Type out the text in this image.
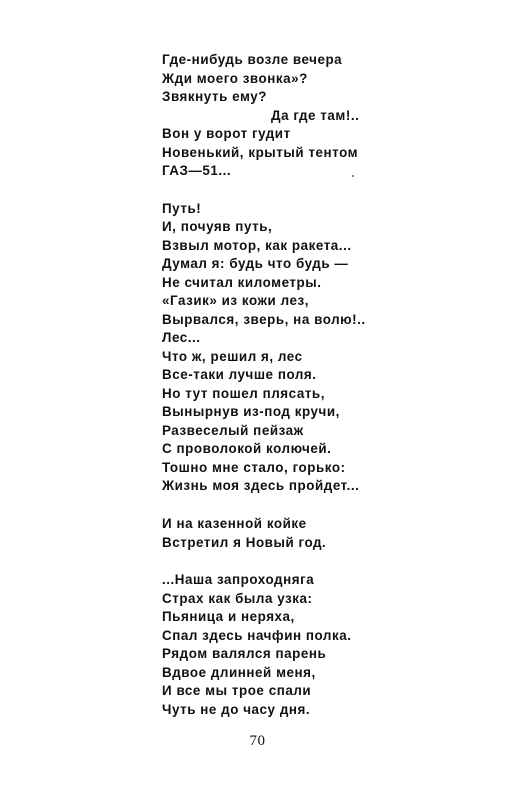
Где-нибудь возле вечера
Жди моего звонка»?
Звякнуть ему?
Да где там!..
Вон у ворот гудит
Новенький, крытый тентом
ГАЗ—51...
Путь!
И, почуяв путь,
Взвыл мотор, как ракета...
Думал я: будь что будь —
Не считал километры.
«Газик» из кожи лез,
Вырвался, зверь, на волю!..
Лес...
Что ж, решил я, лес
Все-таки лучше поля.
Но тут пошел плясать,
Вынырнув из-под кручи,
Развеселый пейзаж
С проволокой колючей.
Тошно мне стало, горько:
Жизнь моя здесь пройдет...
И на казенной койке
Встретил я Новый год.
...Наша запроходняга
Страх как была узка:
Пьяница и неряха,
Спал здесь начфин полка.
Рядом валялся парень
Вдвое длинней меня,
И все мы трое спали
Чуть не до часу дня.
70
